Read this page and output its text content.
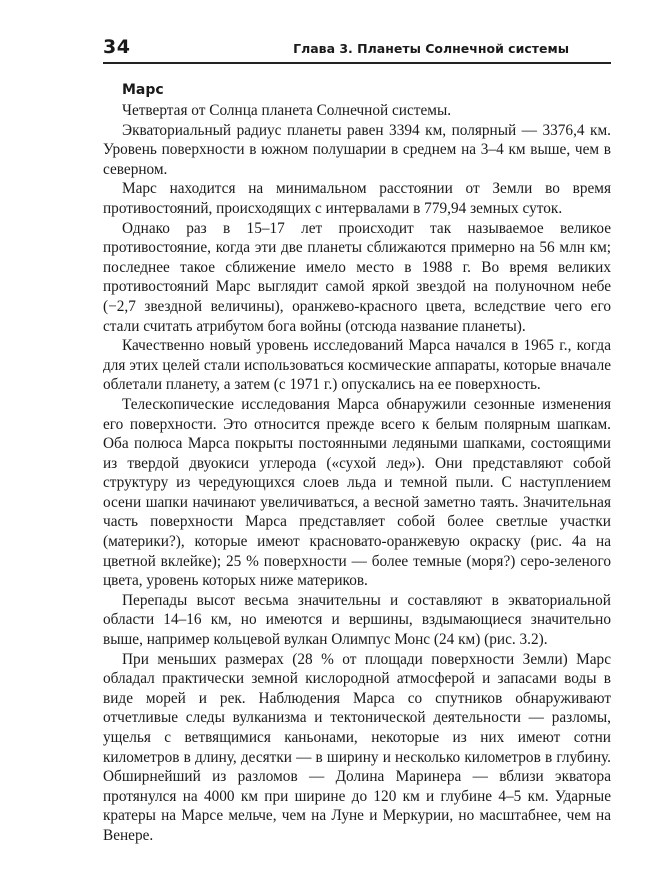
34	Глава 3. Планеты Солнечной системы
Марс

Четвертая от Солнца планета Солнечной системы.

Экваториальный радиус планеты равен 3394 км, полярный — 3376,4 км. Уровень поверхности в южном полушарии в среднем на 3–4 км выше, чем в северном.

Марс находится на минимальном расстоянии от Земли во время противостояний, происходящих с интервалами в 779,94 земных суток.

Однако раз в 15–17 лет происходит так называемое великое противостояние, когда эти две планеты сближаются примерно на 56 млн км; последнее такое сближение имело место в 1988 г. Во время великих противостояний Марс выглядит самой яркой звездой на полуночном небе (−2,7 звездной величины), оранжево-красного цвета, вследствие чего его стали считать атрибутом бога войны (отсюда название планеты).

Качественно новый уровень исследований Марса начался в 1965 г., когда для этих целей стали использоваться космические аппараты, которые вначале облетали планету, а затем (с 1971 г.) опускались на ее поверхность.

Телескопические исследования Марса обнаружили сезонные изменения его поверхности. Это относится прежде всего к белым полярным шапкам. Оба полюса Марса покрыты постоянными ледяными шапками, состоящими из твердой двуокиси углерода («сухой лед»). Они представляют собой структуру из чередующихся слоев льда и темной пыли. С наступлением осени шапки начинают увеличиваться, а весной заметно таять. Значительная часть поверхности Марса представляет собой более светлые участки (материки?), которые имеют красновато-оранжевую окраску (рис. 4а на цветной вклейке); 25 % поверхности — более темные (моря?) серо-зеленого цвета, уровень которых ниже материков.

Перепады высот весьма значительны и составляют в экваториальной области 14–16 км, но имеются и вершины, вздымающиеся значительно выше, например кольцевой вулкан Олимпус Монс (24 км) (рис. 3.2).

При меньших размерах (28 % от площади поверхности Земли) Марс обладал практически земной кислородной атмосферой и запасами воды в виде морей и рек. Наблюдения Марса со спутников обнаруживают отчетливые следы вулканизма и тектонической деятельности — разломы, ущелья с ветвящимися каньонами, некоторые из них имеют сотни километров в длину, десятки — в ширину и несколько километров в глубину. Обширнейший из разломов — Долина Маринера — вблизи экватора протянулся на 4000 км при ширине до 120 км и глубине 4–5 км. Ударные кратеры на Марсе мельче, чем на Луне и Меркурии, но масштабнее, чем на Венере.
